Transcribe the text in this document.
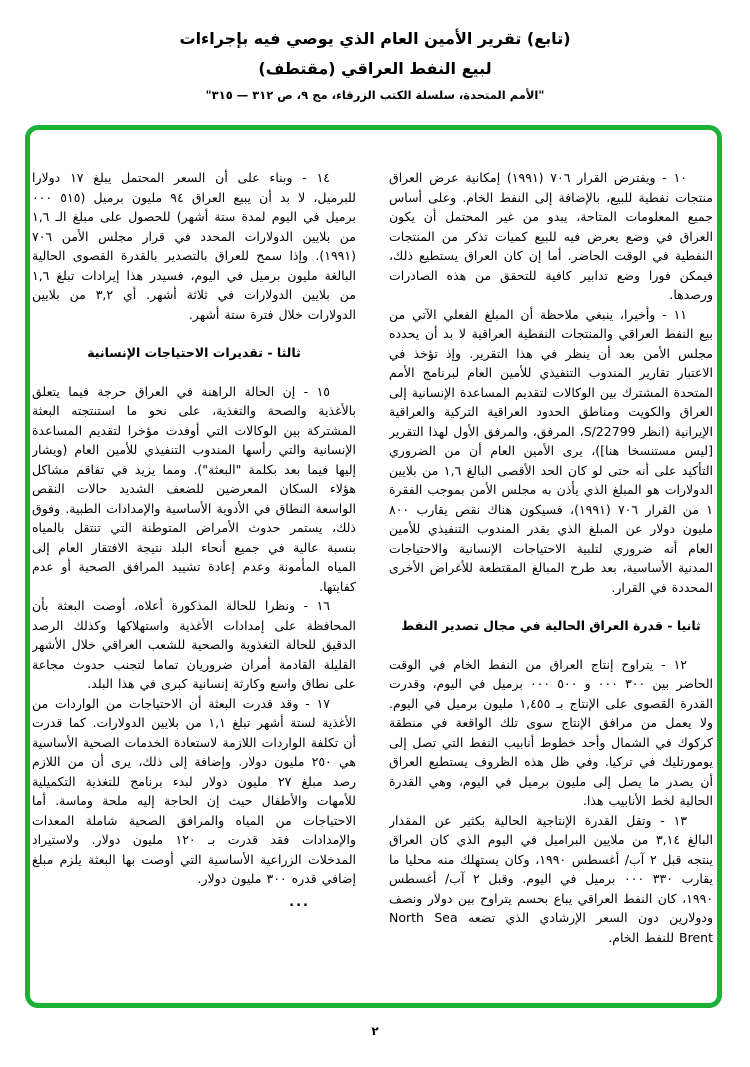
(تابع) تقرير الأمين العام الذي يوصي فيه بإجراءات
لبيع النفط العراقي (مقتطف)
"الأمم المتحدة، سلسلة الكتب الزرقاء، مج ٩، ص ٣١٢ — ٣١٥"
١٠ - ويفترض القرار ٧٠٦ (١٩٩١) إمكانية عرض العراق منتجات نفطية للبيع، بالإضافة إلى النفط الخام. وعلى أساس جميع المعلومات المتاحة، يبدو من غير المحتمل أن يكون العراق في وضع يعرض فيه للبيع كميات تذكر من المنتجات النفطية في الوقت الحاضر. أما إن كان العراق يستطيع ذلك، فيمكن فورا وضع تدابير كافية للتحقق من هذه الصادرات ورصدها.
١١ - وأخيرا، ينبغي ملاحظة أن المبلغ الفعلي الآتي من بيع النفط العراقي والمنتجات النفطية العراقية لا بد أن يحدده مجلس الأمن بعد أن ينظر في هذا التقرير. وإذ تؤخذ في الاعتبار تقارير المندوب التنفيذي للأمين العام لبرنامج الأمم المتحدة المشترك بين الوكالات لتقديم المساعدة الإنسانية إلى العراق والكويت ومناطق الحدود العراقية التركية والعراقية الإيرانية (انظر S/22799، المرفق، والمرفق الأول لهذا التقرير [ليس مستنسخا هنا])، يرى الأمين العام أن من الضروري التأكيد على أنه حتى لو كان الحد الأقصى البالغ ١,٦ من بلايين الدولارات هو المبلغ الذي يأذن به مجلس الأمن بموجب الفقرة ١ من القرار ٧٠٦ (١٩٩١)، فسيكون هناك نقص يقارب ٨٠٠ مليون دولار عن المبلغ الذي يقدر المندوب التنفيذي للأمين العام أنه ضروري لتلبية الاحتياجات الإنسانية والاحتياجات المدنية الأساسية، بعد طرح المبالغ المقتطعة للأغراض الأخرى المحددة في القرار.
ثانيا - قدرة العراق الحالية في مجال تصدير النفط
١٢ - يتراوح إنتاج العراق من النفط الخام في الوقت الحاضر بين ٣٠٠ ٠٠٠ و ٥٠٠ ٠٠٠ برميل في اليوم، وقدرت القدرة القصوى على الإنتاج بـ ١,٤٥٥ مليون برميل في اليوم. ولا يعمل من مرافق الإنتاج سوى تلك الواقعة في منطقة كركوك في الشمال وأحد خطوط أنابيب النفط التي تصل إلى يومورتليك في تركيا. وفي ظل هذه الظروف يستطيع العراق أن يصدر ما يصل إلى مليون برميل في اليوم، وهي القدرة الحالية لخط الأنابيب هذا.
١٣ - وتقل القدرة الإنتاجية الحالية بكثير عن المقدار البالغ ٣,١٤ من ملايين البراميل في اليوم الذي كان العراق ينتجه قبل ٢ آب/ أغسطس ١٩٩٠، وكان يستهلك منه محليا ما يقارب ٣٣٠ ٠٠٠ برميل في اليوم. وقبل ٢ آب/ أغسطس ١٩٩٠، كان النفط العراقي يباع بحسم يتراوح بين دولار ونصف ودولارين دون السعر الإرشادي الذي تضعه North Sea Brent للنفط الخام.
١٤ - وبناء على أن السعر المحتمل يبلغ ١٧ دولارا للبرميل، لا بد أن يبيع العراق ٩٤ مليون برميل (٥١٥ ٠٠٠ برميل في اليوم لمدة ستة أشهر) للحصول على مبلغ الـ ١,٦ من بلايين الدولارات المحدد في قرار مجلس الأمن ٧٠٦ (١٩٩١). وإذا سمح للعراق بالتصدير بالقدرة القصوى الحالية البالغة مليون برميل في اليوم، فسيدر هذا إيرادات تبلغ ١,٦ من بلايين الدولارات في ثلاثة أشهر. أي ٣,٢ من بلايين الدولارات خلال فترة ستة أشهر.
ثالثا - تقديرات الاحتياجات الإنسانية
١٥ - إن الحالة الراهنة في العراق حرجة فيما يتعلق بالأغذية والصحة والتغذية، على نحو ما استنتجته البعثة المشتركة بين الوكالات التي أوفدت مؤخرا لتقديم المساعدة الإنسانية والتي رأسها المندوب التنفيذي للأمين العام (ويشار إليها فيما بعد بكلمة "البعثة"). ومما يزيد في تفاقم مشاكل هؤلاء السكان المعرضين للضعف الشديد حالات النقص الواسعة النطاق في الأدوية الأساسية والإمدادات الطبية. وفوق ذلك، يستمر حدوث الأمراض المتوطنة التي تنتقل بالمياه بنسبة عالية في جميع أنحاء البلد نتيجة الافتقار العام إلى المياه المأمونة وعدم إعادة تشييد المرافق الصحية أو عدم كفايتها.
١٦ - ونظرا للحالة المذكورة أعلاه، أوصت البعثة بأن المحافظة على إمدادات الأغذية واستهلاكها وكذلك الرصد الدقيق للحالة التغذوية والصحية للشعب العراقي خلال الأشهر القليلة القادمة أمران ضروريان تماما لتجنب حدوث مجاعة على نطاق واسع وكارثة إنسانية كبرى في هذا البلد.
١٧ - وقد قدرت البعثة أن الاحتياجات من الواردات من الأغذية لستة أشهر تبلغ ١,١ من بلايين الدولارات. كما قدرت أن تكلفة الواردات اللازمة لاستعادة الخدمات الصحية الأساسية هي ٢٥٠ مليون دولار. وإضافة إلى ذلك، يرى أن من اللازم رصد مبلغ ٢٧ مليون دولار لبدء برنامج للتغذية التكميلية للأمهات والأطفال حيث إن الحاجة إليه ملحة وماسة. أما الاحتياجات من المياه والمرافق الصحية شاملة المعدات والإمدادات فقد قدرت بـ ١٢٠ مليون دولار. ولاستيراد المدخلات الزراعية الأساسية التي أوصت بها البعثة يلزم مبلغ إضافي قدره ٣٠٠ مليون دولار.
...
٢
